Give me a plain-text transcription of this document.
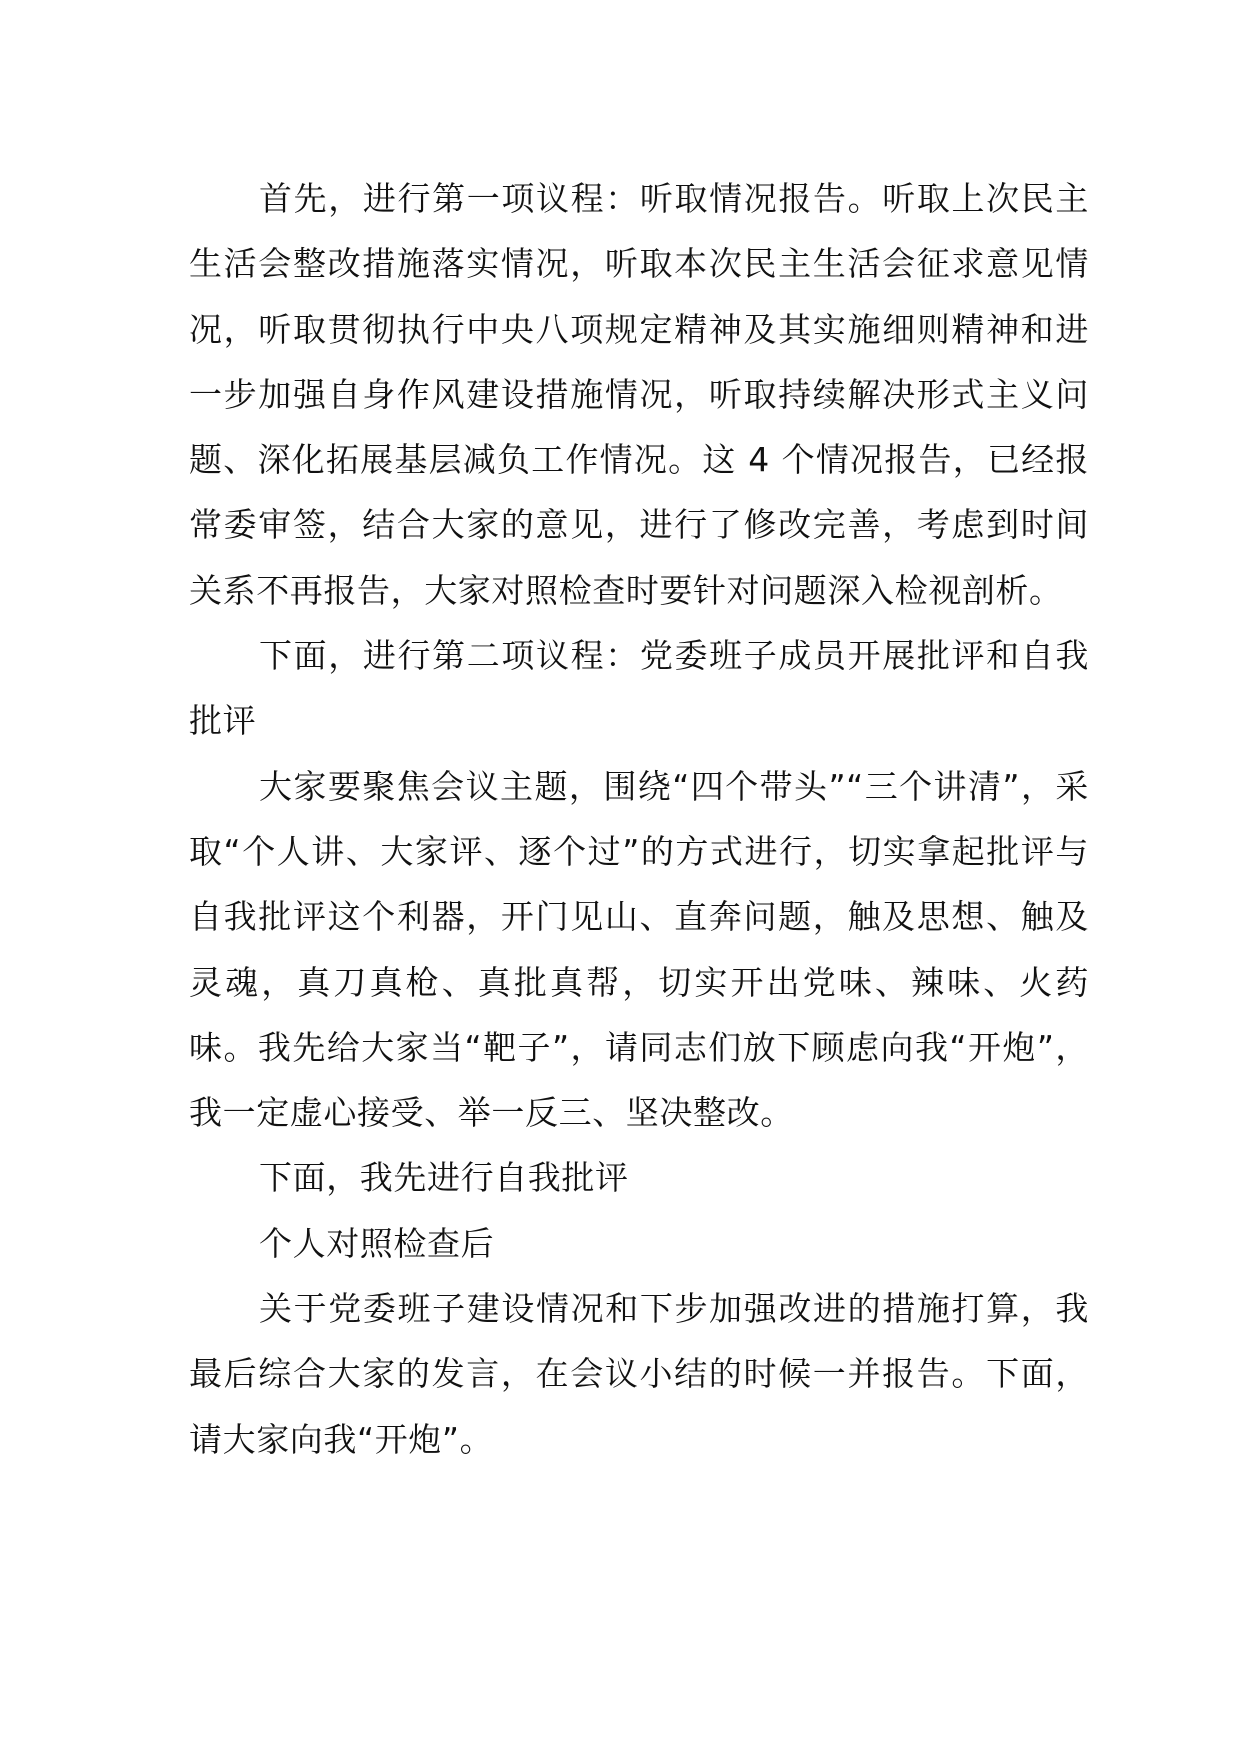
首先，进行第一项议程：听取情况报告。听取上次民主生活会整改措施落实情况，听取本次民主生活会征求意见情况，听取贯彻执行中央八项规定精神及其实施细则精神和进一步加强自身作风建设措施情况，听取持续解决形式主义问题、深化拓展基层减负工作情况。这 4 个情况报告，已经报常委审签，结合大家的意见，进行了修改完善，考虑到时间关系不再报告，大家对照检查时要针对问题深入检视剖析。

下面，进行第二项议程：党委班子成员开展批评和自我批评

大家要聚焦会议主题，围绕“四个带头”“三个讲清”，采取“个人讲、大家评、逐个过”的方式进行，切实拿起批评与自我批评这个利器，开门见山、直奔问题，触及思想、触及灵魂，真刀真枪、真批真帮，切实开出党味、辣味、火药味。我先给大家当“靶子”，请同志们放下顾虑向我“开炮”，我一定虚心接受、举一反三、坚决整改。

下面，我先进行自我批评

个人对照检查后

关于党委班子建设情况和下步加强改进的措施打算，我最后综合大家的发言，在会议小结的时候一并报告。下面，请大家向我“开炮”。
